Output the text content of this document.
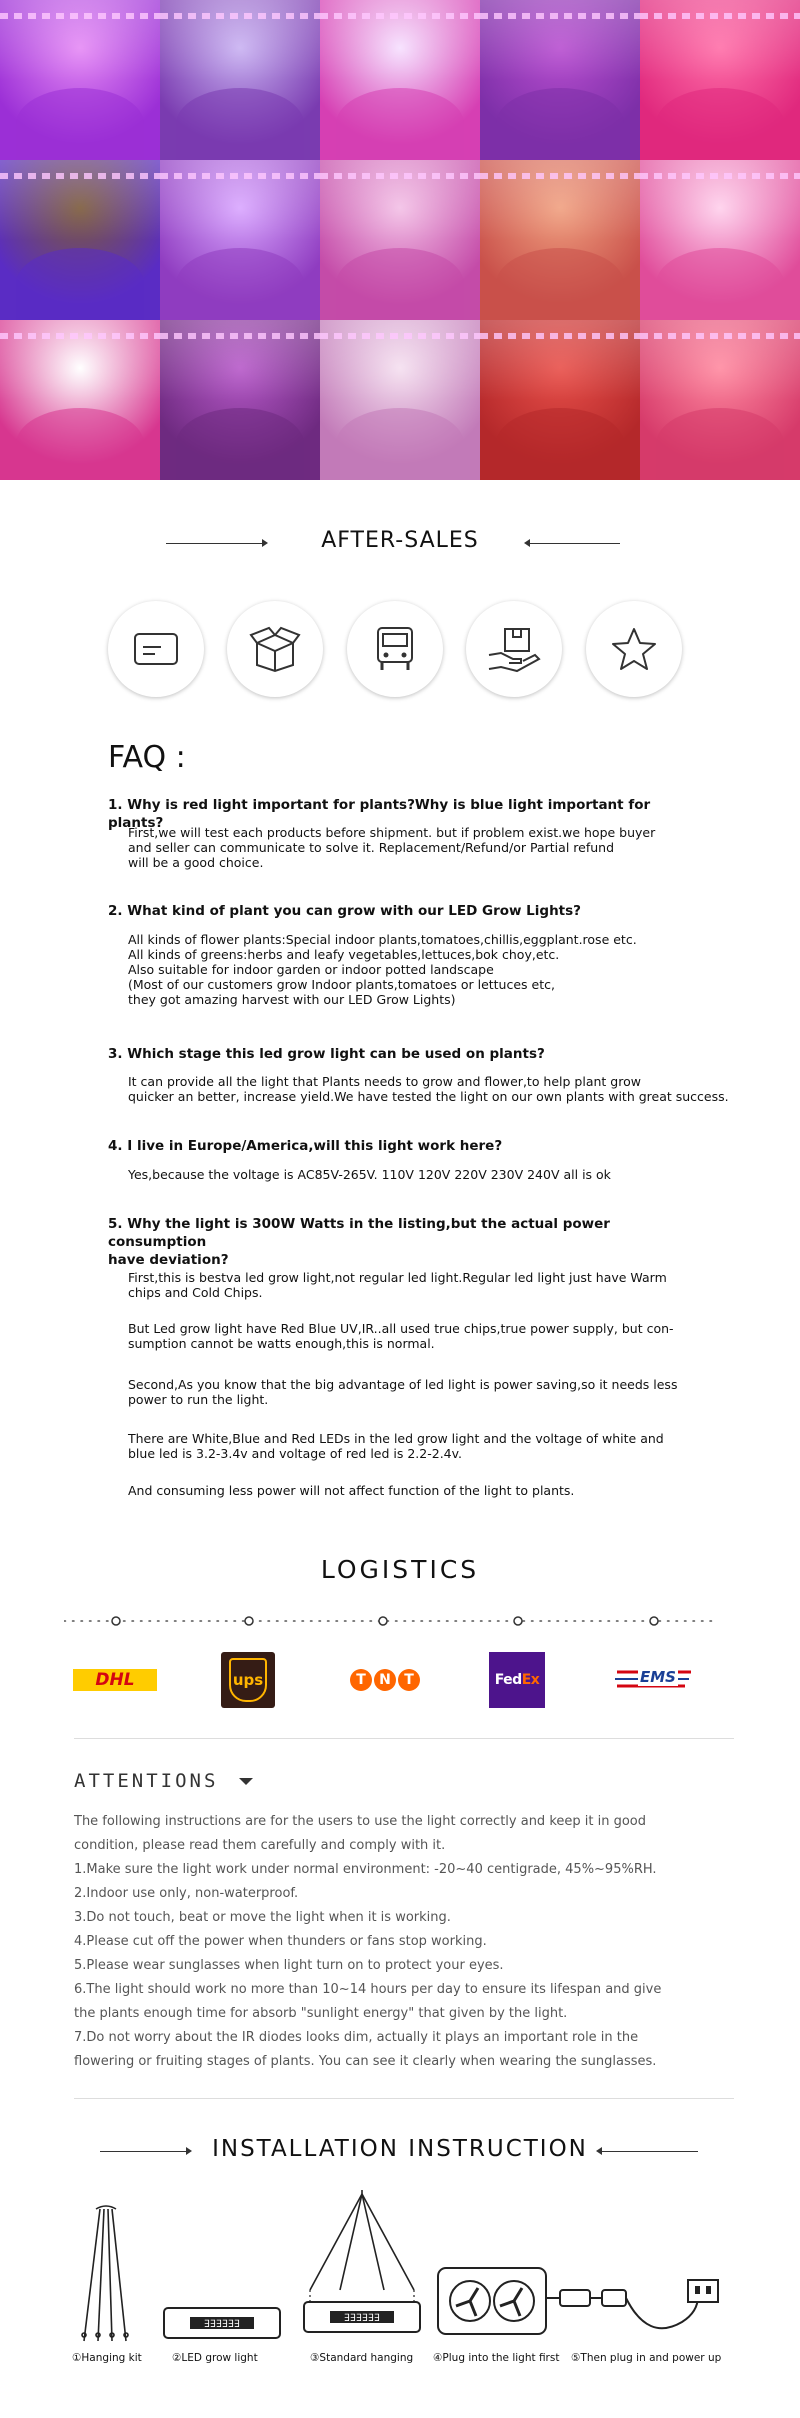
AFTER-SALES
FAQ :
1. Why is red light important for plants?Why is blue light important for plants?
First,we will test each products before shipment. but if problem exist.we hope buyer
and seller can communicate to solve it. Replacement/Refund/or Partial refund
will be a good choice.
2. What kind of plant you can grow with our LED Grow Lights?
All kinds of flower plants:Special indoor plants,tomatoes,chillis,eggplant.rose etc.
All kinds of greens:herbs and leafy vegetables,lettuces,bok choy,etc.
Also suitable for indoor garden or indoor potted landscape
(Most of our customers grow Indoor plants,tomatoes or lettuces etc,
they got amazing harvest with our LED Grow Lights)
3. Which stage this led grow light can be used on plants?
It can provide all the light that Plants needs to grow and flower,to help plant grow
quicker an better, increase yield.We have tested the light on our own plants with great success.
4. I live in Europe/America,will this light work here?
Yes,because the voltage is AC85V-265V. 110V 120V 220V 230V 240V all is ok
5. Why the light is 300W Watts in the listing,but the actual power consumption
have deviation?
First,this is bestva led grow light,not regular led light.Regular led light just have Warm
chips and Cold Chips.
But Led grow light have Red Blue UV,IR..all used true chips,true power supply, but con-
sumption cannot be watts enough,this is normal.
Second,As you know that the big advantage of led light is power saving,so it needs less
power to run the light.
There are White,Blue and Red LEDs in the led grow light and the voltage of white and
blue led is 3.2-3.4v and voltage of red led is 2.2-2.4v.
And consuming less power will not affect function of the light to plants.
LOGISTICS
DHL	ups	T N T	FedEx	EMS
ATTENTIONS
The following instructions are for the users to use the light correctly and keep it in good
condition, please read them carefully and comply with it.
1.Make sure the light work under normal environment: -20~40 centigrade, 45%~95%RH.
2.Indoor use only, non-waterproof.
3.Do not touch, beat or move the light when it is working.
4.Please cut off the power when thunders or fans stop working.
5.Please wear sunglasses when light turn on to protect your eyes.
6.The light should work no more than 10~14 hours per day to ensure its lifespan and give
the plants enough time for absorb "sunlight energy" that given by the light.
7.Do not worry about the IR diodes looks dim, actually it plays an important role in the
flowering or fruiting stages of plants. You can see it clearly when wearing the sunglasses.
INSTALLATION INSTRUCTION
∃∃∃∃∃∃
∃∃∃∃∃∃
①Hanging kit	②LED grow light	③Standard hanging ④Plug into the light first ⑤Then plug in and power up
